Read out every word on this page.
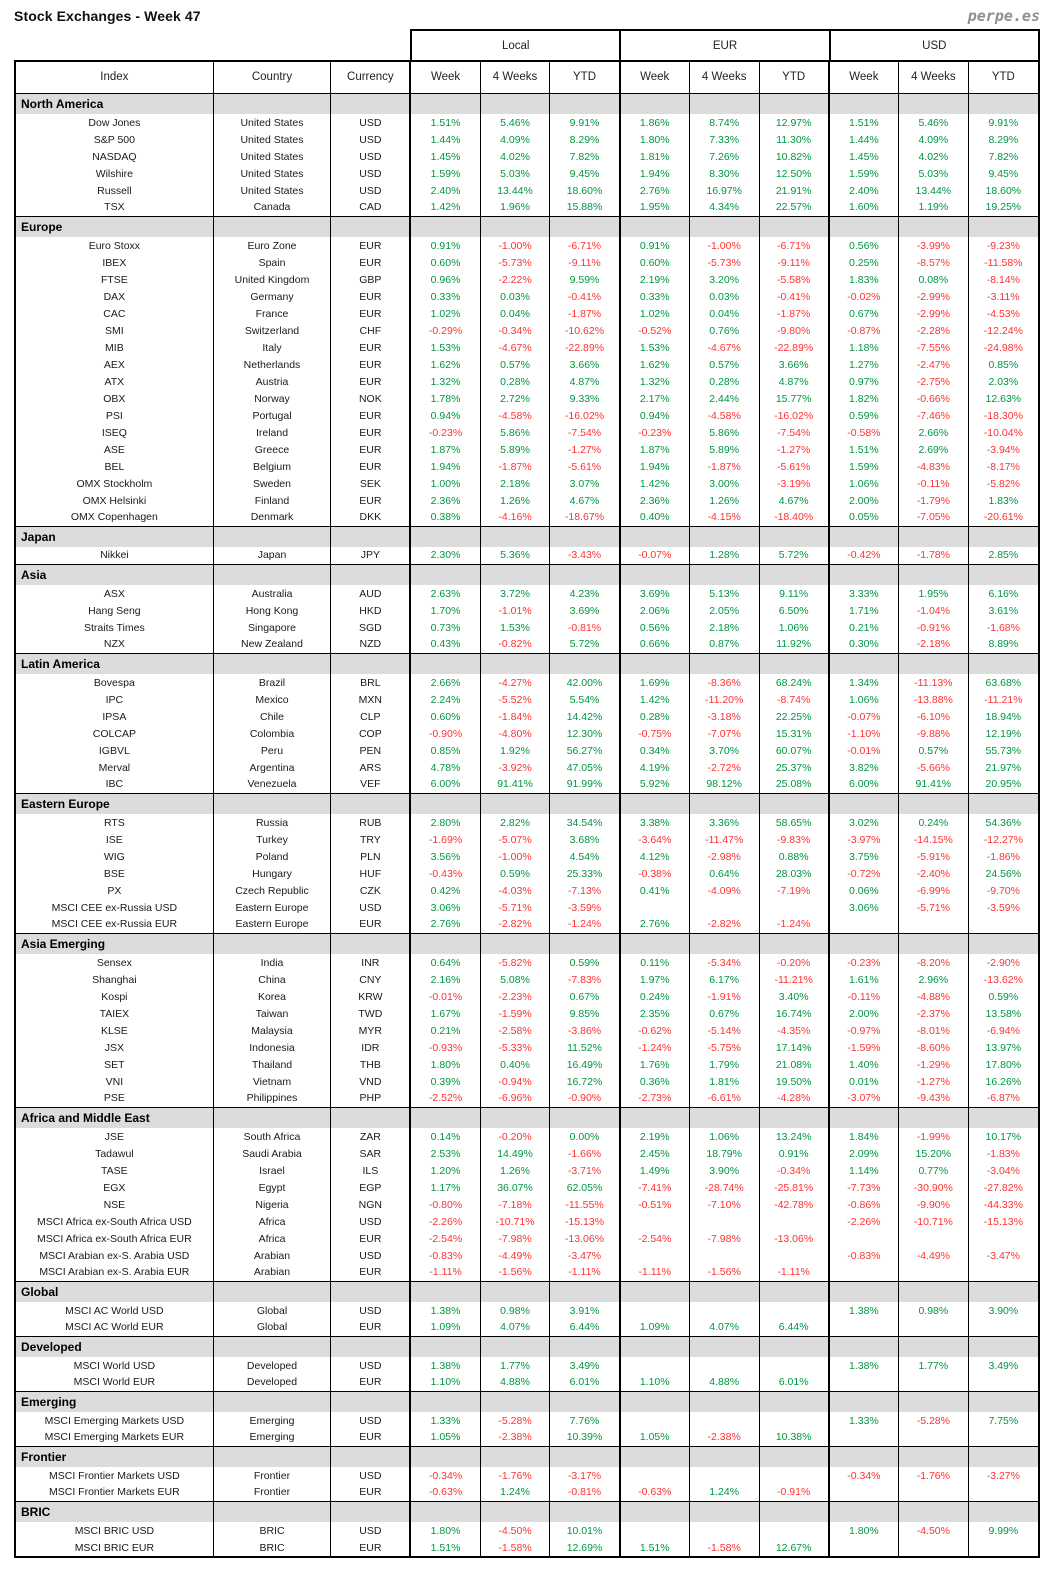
Stock Exchanges - Week 47	perpe.es
Local	EUR	USD
Index	Country	Currency	Week	4 Weeks	YTD	Week	4 Weeks	YTD	Week	4 Weeks	YTD
North America											
Dow Jones	United States	USD	1.51%	5.46%	9.91%	1.86%	8.74%	12.97%	1.51%	5.46%	9.91%
S&P 500	United States	USD	1.44%	4.09%	8.29%	1.80%	7.33%	11.30%	1.44%	4.09%	8.29%
NASDAQ	United States	USD	1.45%	4.02%	7.82%	1.81%	7.26%	10.82%	1.45%	4.02%	7.82%
Wilshire	United States	USD	1.59%	5.03%	9.45%	1.94%	8.30%	12.50%	1.59%	5.03%	9.45%
Russell	United States	USD	2.40%	13.44%	18.60%	2.76%	16.97%	21.91%	2.40%	13.44%	18.60%
TSX	Canada	CAD	1.42%	1.96%	15.88%	1.95%	4.34%	22.57%	1.60%	1.19%	19.25%
Europe											
Euro Stoxx	Euro Zone	EUR	0.91%	-1.00%	-6.71%	0.91%	-1.00%	-6.71%	0.56%	-3.99%	-9.23%
IBEX	Spain	EUR	0.60%	-5.73%	-9.11%	0.60%	-5.73%	-9.11%	0.25%	-8.57%	-11.58%
FTSE	United Kingdom	GBP	0.96%	-2.22%	9.59%	2.19%	3.20%	-5.58%	1.83%	0.08%	-8.14%
DAX	Germany	EUR	0.33%	0.03%	-0.41%	0.33%	0.03%	-0.41%	-0.02%	-2.99%	-3.11%
CAC	France	EUR	1.02%	0.04%	-1.87%	1.02%	0.04%	-1.87%	0.67%	-2.99%	-4.53%
SMI	Switzerland	CHF	-0.29%	-0.34%	-10.62%	-0.52%	0.76%	-9.80%	-0.87%	-2.28%	-12.24%
MIB	Italy	EUR	1.53%	-4.67%	-22.89%	1.53%	-4.67%	-22.89%	1.18%	-7.55%	-24.98%
AEX	Netherlands	EUR	1.62%	0.57%	3.66%	1.62%	0.57%	3.66%	1.27%	-2.47%	0.85%
ATX	Austria	EUR	1.32%	0.28%	4.87%	1.32%	0.28%	4.87%	0.97%	-2.75%	2.03%
OBX	Norway	NOK	1.78%	2.72%	9.33%	2.17%	2.44%	15.77%	1.82%	-0.66%	12.63%
PSI	Portugal	EUR	0.94%	-4.58%	-16.02%	0.94%	-4.58%	-16.02%	0.59%	-7.46%	-18.30%
ISEQ	Ireland	EUR	-0.23%	5.86%	-7.54%	-0.23%	5.86%	-7.54%	-0.58%	2.66%	-10.04%
ASE	Greece	EUR	1.87%	5.89%	-1.27%	1.87%	5.89%	-1.27%	1.51%	2.69%	-3.94%
BEL	Belgium	EUR	1.94%	-1.87%	-5.61%	1.94%	-1.87%	-5.61%	1.59%	-4.83%	-8.17%
OMX Stockholm	Sweden	SEK	1.00%	2.18%	3.07%	1.42%	3.00%	-3.19%	1.06%	-0.11%	-5.82%
OMX Helsinki	Finland	EUR	2.36%	1.26%	4.67%	2.36%	1.26%	4.67%	2.00%	-1.79%	1.83%
OMX Copenhagen	Denmark	DKK	0.38%	-4.16%	-18.67%	0.40%	-4.15%	-18.40%	0.05%	-7.05%	-20.61%
Japan											
Nikkei	Japan	JPY	2.30%	5.36%	-3.43%	-0.07%	1.28%	5.72%	-0.42%	-1.78%	2.85%
Asia											
ASX	Australia	AUD	2.63%	3.72%	4.23%	3.69%	5.13%	9.11%	3.33%	1.95%	6.16%
Hang Seng	Hong Kong	HKD	1.70%	-1.01%	3.69%	2.06%	2.05%	6.50%	1.71%	-1.04%	3.61%
Straits Times	Singapore	SGD	0.73%	1.53%	-0.81%	0.56%	2.18%	1.06%	0.21%	-0.91%	-1.68%
NZX	New Zealand	NZD	0.43%	-0.82%	5.72%	0.66%	0.87%	11.92%	0.30%	-2.18%	8.89%
Latin America											
Bovespa	Brazil	BRL	2.66%	-4.27%	42.00%	1.69%	-8.36%	68.24%	1.34%	-11.13%	63.68%
IPC	Mexico	MXN	2.24%	-5.52%	5.54%	1.42%	-11.20%	-8.74%	1.06%	-13.88%	-11.21%
IPSA	Chile	CLP	0.60%	-1.84%	14.42%	0.28%	-3.18%	22.25%	-0.07%	-6.10%	18.94%
COLCAP	Colombia	COP	-0.90%	-4.80%	12.30%	-0.75%	-7.07%	15.31%	-1.10%	-9.88%	12.19%
IGBVL	Peru	PEN	0.85%	1.92%	56.27%	0.34%	3.70%	60.07%	-0.01%	0.57%	55.73%
Merval	Argentina	ARS	4.78%	-3.92%	47.05%	4.19%	-2.72%	25.37%	3.82%	-5.66%	21.97%
IBC	Venezuela	VEF	6.00%	91.41%	91.99%	5.92%	98.12%	25.08%	6.00%	91.41%	20.95%
Eastern Europe											
RTS	Russia	RUB	2.80%	2.82%	34.54%	3.38%	3.36%	58.65%	3.02%	0.24%	54.36%
ISE	Turkey	TRY	-1.69%	-5.07%	3.68%	-3.64%	-11.47%	-9.83%	-3.97%	-14.15%	-12.27%
WIG	Poland	PLN	3.56%	-1.00%	4.54%	4.12%	-2.98%	0.88%	3.75%	-5.91%	-1.86%
BSE	Hungary	HUF	-0.43%	0.59%	25.33%	-0.38%	0.64%	28.03%	-0.72%	-2.40%	24.56%
PX	Czech Republic	CZK	0.42%	-4.03%	-7.13%	0.41%	-4.09%	-7.19%	0.06%	-6.99%	-9.70%
MSCI CEE ex-Russia USD	Eastern Europe	USD	3.06%	-5.71%	-3.59%				3.06%	-5.71%	-3.59%
MSCI CEE ex-Russia EUR	Eastern Europe	EUR	2.76%	-2.82%	-1.24%	2.76%	-2.82%	-1.24%			
Asia Emerging											
Sensex	India	INR	0.64%	-5.82%	0.59%	0.11%	-5.34%	-0.20%	-0.23%	-8.20%	-2.90%
Shanghai	China	CNY	2.16%	5.08%	-7.83%	1.97%	6.17%	-11.21%	1.61%	2.96%	-13.62%
Kospi	Korea	KRW	-0.01%	-2.23%	0.67%	0.24%	-1.91%	3.40%	-0.11%	-4.88%	0.59%
TAIEX	Taiwan	TWD	1.67%	-1.59%	9.85%	2.35%	0.67%	16.74%	2.00%	-2.37%	13.58%
KLSE	Malaysia	MYR	0.21%	-2.58%	-3.86%	-0.62%	-5.14%	-4.35%	-0.97%	-8.01%	-6.94%
JSX	Indonesia	IDR	-0.93%	-5.33%	11.52%	-1.24%	-5.75%	17.14%	-1.59%	-8.60%	13.97%
SET	Thailand	THB	1.80%	0.40%	16.49%	1.76%	1.79%	21.08%	1.40%	-1.29%	17.80%
VNI	Vietnam	VND	0.39%	-0.94%	16.72%	0.36%	1.81%	19.50%	0.01%	-1.27%	16.26%
PSE	Philippines	PHP	-2.52%	-6.96%	-0.90%	-2.73%	-6.61%	-4.28%	-3.07%	-9.43%	-6.87%
Africa and Middle East											
JSE	South Africa	ZAR	0.14%	-0.20%	0.00%	2.19%	1.06%	13.24%	1.84%	-1.99%	10.17%
Tadawul	Saudi Arabia	SAR	2.53%	14.49%	-1.66%	2.45%	18.79%	0.91%	2.09%	15.20%	-1.83%
TASE	Israel	ILS	1.20%	1.26%	-3.71%	1.49%	3.90%	-0.34%	1.14%	0.77%	-3.04%
EGX	Egypt	EGP	1.17%	36.07%	62.05%	-7.41%	-28.74%	-25.81%	-7.73%	-30.90%	-27.82%
NSE	Nigeria	NGN	-0.80%	-7.18%	-11.55%	-0.51%	-7.10%	-42.78%	-0.86%	-9.90%	-44.33%
MSCI Africa ex-South Africa USD	Africa	USD	-2.26%	-10.71%	-15.13%				-2.26%	-10.71%	-15.13%
MSCI Africa ex-South Africa EUR	Africa	EUR	-2.54%	-7.98%	-13.06%	-2.54%	-7.98%	-13.06%			
MSCI Arabian ex-S. Arabia USD	Arabian	USD	-0.83%	-4.49%	-3.47%				-0.83%	-4.49%	-3.47%
MSCI Arabian ex-S. Arabia EUR	Arabian	EUR	-1.11%	-1.56%	-1.11%	-1.11%	-1.56%	-1.11%			
Global											
MSCI AC World USD	Global	USD	1.38%	0.98%	3.91%				1.38%	0.98%	3.90%
MSCI AC World EUR	Global	EUR	1.09%	4.07%	6.44%	1.09%	4.07%	6.44%			
Developed											
MSCI World USD	Developed	USD	1.38%	1.77%	3.49%				1.38%	1.77%	3.49%
MSCI World EUR	Developed	EUR	1.10%	4.88%	6.01%	1.10%	4.88%	6.01%			
Emerging											
MSCI Emerging Markets USD	Emerging	USD	1.33%	-5.28%	7.76%				1.33%	-5.28%	7.75%
MSCI Emerging Markets EUR	Emerging	EUR	1.05%	-2.38%	10.39%	1.05%	-2.38%	10.38%			
Frontier											
MSCI Frontier Markets USD	Frontier	USD	-0.34%	-1.76%	-3.17%				-0.34%	-1.76%	-3.27%
MSCI Frontier Markets EUR	Frontier	EUR	-0.63%	1.24%	-0.81%	-0.63%	1.24%	-0.91%			
BRIC											
MSCI BRIC USD	BRIC	USD	1.80%	-4.50%	10.01%				1.80%	-4.50%	9.99%
MSCI BRIC EUR	BRIC	EUR	1.51%	-1.58%	12.69%	1.51%	-1.58%	12.67%			
